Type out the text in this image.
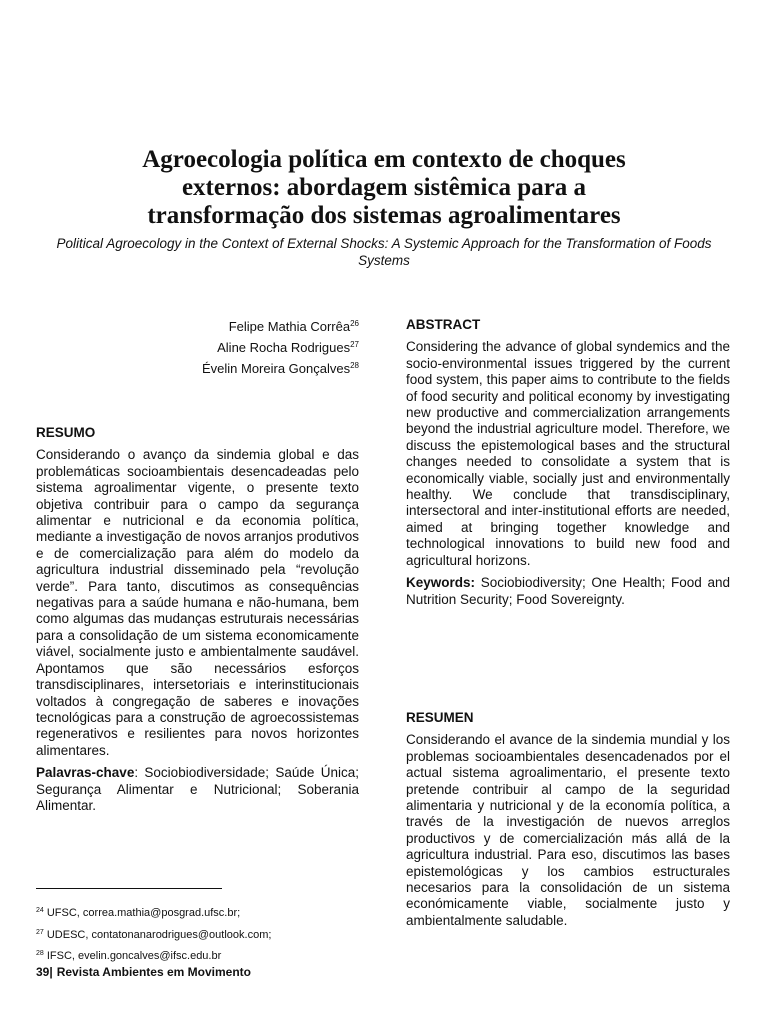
Agroecologia política em contexto de choques
externos: abordagem sistêmica para a
transformação dos sistemas agroalimentares

Political Agroecology in the Context of External Shocks: A Systemic Approach for the Transformation of Foods Systems

Felipe Mathia Corrêa$^{26}$
Aline Rocha Rodrigues$^{27}$
Évelin Moreira Gonçalves$^{28}$
RESUMO

Considerando o avanço da sindemia global e das problemáticas socioambientais desencadeadas pelo sistema agroalimentar vigente, o presente texto objetiva contribuir para o campo da segurança alimentar e nutricional e da economia política, mediante a investigação de novos arranjos produtivos e de comercialização para além do modelo da agricultura industrial disseminado pela “revolução verde”. Para tanto, discutimos as consequências negativas para a saúde humana e não-humana, bem como algumas das mudanças estruturais necessárias para a consolidação de um sistema economicamente viável, socialmente justo e ambientalmente saudável. Apontamos que são necessários esforços transdisciplinares, intersetoriais e interinstitucionais voltados à congregação de saberes e inovações tecnológicas para a construção de agroecossistemas regenerativos e resilientes para novos horizontes alimentares.

Palavras-chave: Sociobiodiversidade; Saúde Única; Segurança Alimentar e Nutricional; Soberania Alimentar.

ABSTRACT

Considering the advance of global syndemics and the socio-environmental issues triggered by the current food system, this paper aims to contribute to the fields of food security and political economy by investigating new productive and commercialization arrangements beyond the industrial agriculture model. Therefore, we discuss the epistemological bases and the structural changes needed to consolidate a system that is economically viable, socially just and environmentally healthy. We conclude that transdisciplinary, intersectoral and inter-institutional efforts are needed, aimed at bringing together knowledge and technological innovations to build new food and agricultural horizons.

Keywords: Sociobiodiversity; One Health; Food and Nutrition Security; Food Sovereignty.

RESUMEN

Considerando el avance de la sindemia mundial y los problemas socioambientales desencadenados por el actual sistema agroalimentario, el presente texto pretende contribuir al campo de la seguridad alimentaria y nutricional y de la economía política, a través de la investigación de nuevos arreglos productivos y de comercialización más allá de la agricultura industrial. Para eso, discutimos las bases epistemológicas y los cambios estructurales necesarios para la consolidación de un sistema económicamente viable, socialmente justo y ambientalmente saludable.

$^{24}$ UFSC, correa.mathia@posgrad.ufsc.br;
$^{27}$ UDESC, contatonanarodrigues@outlook.com;
$^{28}$ IFSC, evelin.goncalves@ifsc.edu.br
39| Revista Ambientes em Movimento
